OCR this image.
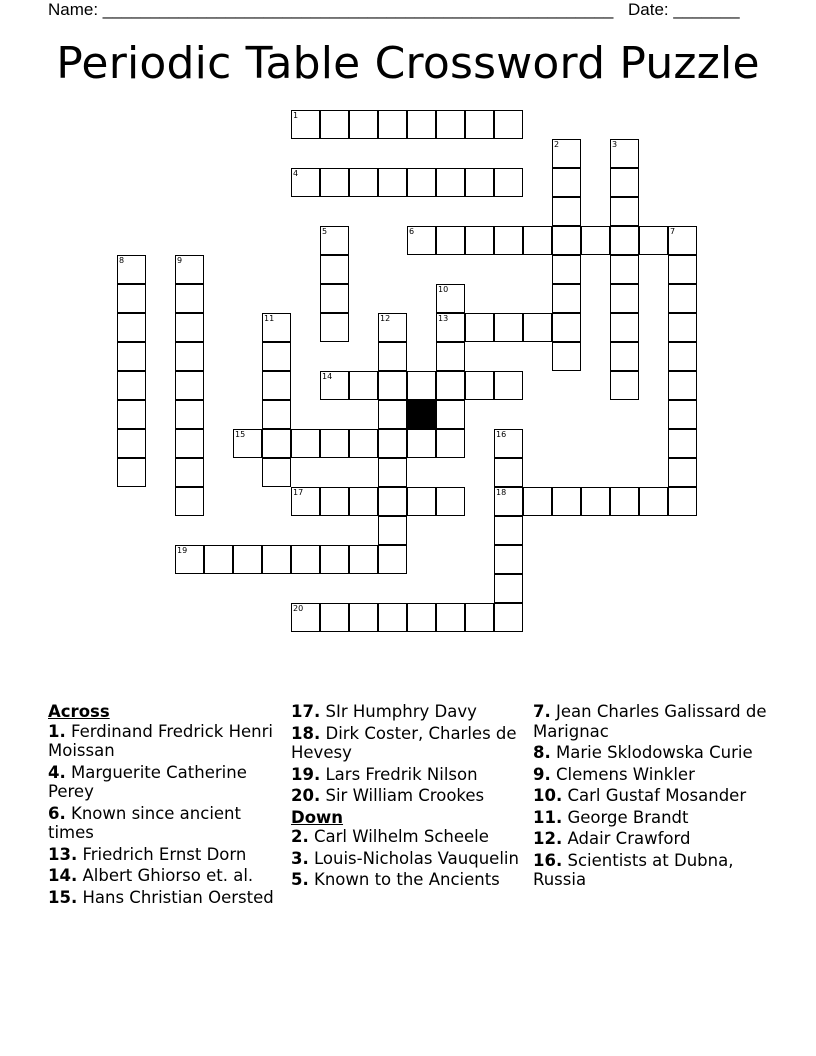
Name: ______________________________________________________ Date: _______
Periodic Table Crossword Puzzle
1
4
6	7
13
14
15
17	18
19
20
2	3
5
8	9
10
11	12
16
Across
1. Ferdinand Fredrick Henri Moissan
4. Marguerite Catherine Perey
6. Known since ancient times
13. Friedrich Ernst Dorn
14. Albert Ghiorso et. al.
15. Hans Christian Oersted
17. SIr Humphry Davy
18. Dirk Coster, Charles de Hevesy
19. Lars Fredrik Nilson
20. Sir William Crookes
Down
2. Carl Wilhelm Scheele
3. Louis-Nicholas Vauquelin
5. Known to the Ancients
7. Jean Charles Galissard de Marignac
8. Marie Sklodowska Curie
9. Clemens Winkler
10. Carl Gustaf Mosander
11. George Brandt
12. Adair Crawford
16. Scientists at Dubna, Russia
